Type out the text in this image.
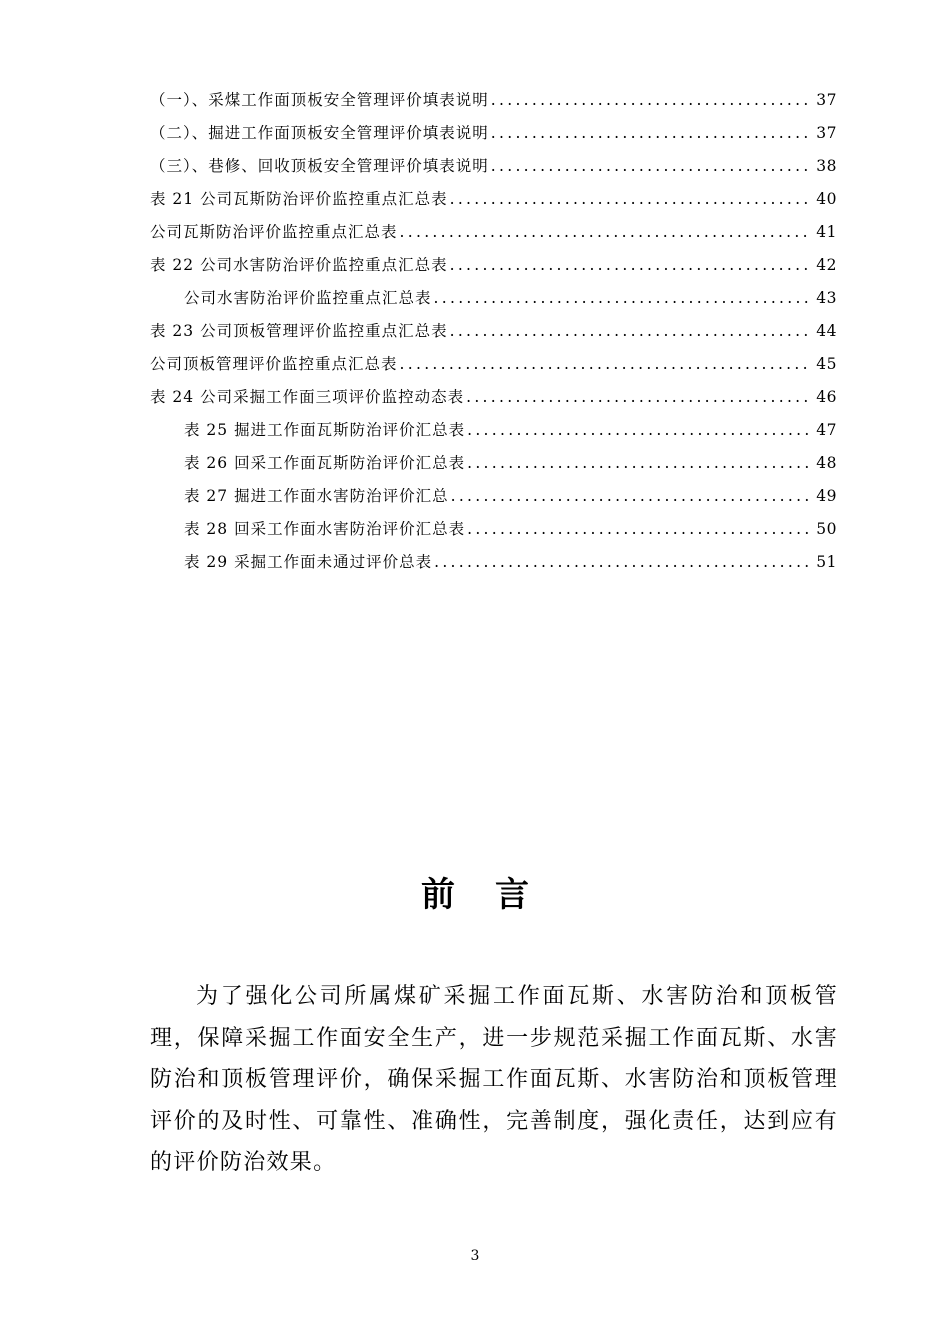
（一）、采煤工作面顶板安全管理评价填表说明 .....	37
（二）、掘进工作面顶板安全管理评价填表说明 .....	37
（三）、巷修、回收顶板安全管理评价填表说明 .....	38
表 21 公司瓦斯防治评价监控重点汇总表 .....	40
公司瓦斯防治评价监控重点汇总表 .....	41
表 22 公司水害防治评价监控重点汇总表 .....	42
公司水害防治评价监控重点汇总表 .....	43
表 23 公司顶板管理评价监控重点汇总表 .....	44
公司顶板管理评价监控重点汇总表 .....	45
表 24 公司采掘工作面三项评价监控动态表 .....	46
表 25 掘进工作面瓦斯防治评价汇总表 .....	47
表 26 回采工作面瓦斯防治评价汇总表 .....	48
表 27 掘进工作面水害防治评价汇总 .....	49
表 28 回采工作面水害防治评价汇总表 .....	50
表 29 采掘工作面未通过评价总表 .....	51
前言

为了强化公司所属煤矿采掘工作面瓦斯、水害防治和顶板管理，保障采掘工作面安全生产，进一步规范采掘工作面瓦斯、水害防治和顶板管理评价，确保采掘工作面瓦斯、水害防治和顶板管理评价的及时性、可靠性、准确性，完善制度，强化责任，达到应有的评价防治效果。

3
